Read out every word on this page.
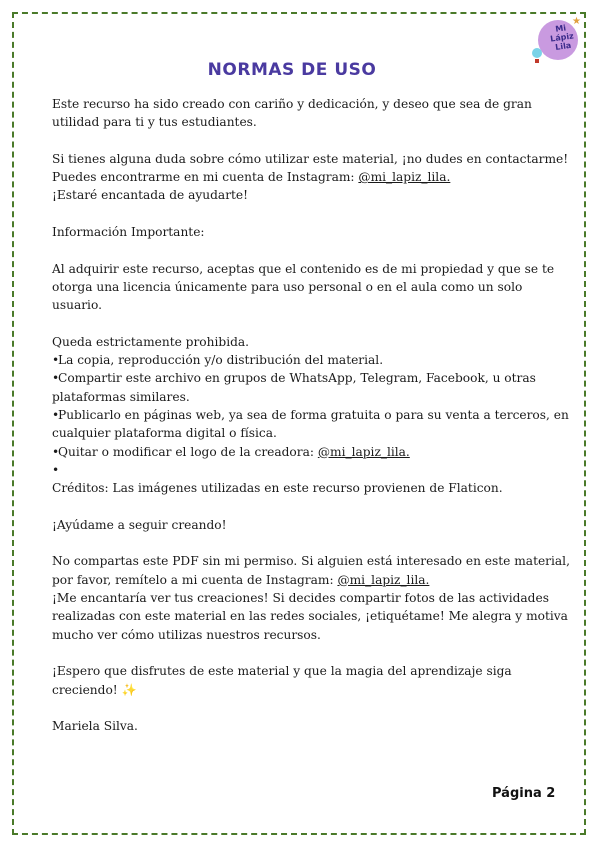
Mi
Lápiz
Lila
★
NORMAS DE USO

Este recurso ha sido creado con cariño y dedicación, y deseo que sea de gran utilidad para ti y tus estudiantes.

Si tienes alguna duda sobre cómo utilizar este material, ¡no dudes en contactarme!

Puedes encontrarme en mi cuenta de Instagram: @mi_lapiz_lila.

¡Estaré encantada de ayudarte!

Información Importante:

Al adquirir este recurso, aceptas que el contenido es de mi propiedad y que se te otorga una licencia únicamente para uso personal o en el aula como un solo usuario.

Queda estrictamente prohibida.

•La copia, reproducción y/o distribución del material.

•Compartir este archivo en grupos de WhatsApp, Telegram, Facebook, u otras plataformas similares.

•Publicarlo en páginas web, ya sea de forma gratuita o para su venta a terceros, en cualquier plataforma digital o física.

•Quitar o modificar el logo de la creadora: @mi_lapiz_lila.

•

Créditos: Las imágenes utilizadas en este recurso provienen de Flaticon.

¡Ayúdame a seguir creando!

No compartas este PDF sin mi permiso. Si alguien está interesado en este material, por favor, remítelo a mi cuenta de Instagram: @mi_lapiz_lila.

¡Me encantaría ver tus creaciones! Si decides compartir fotos de las actividades realizadas con este material en las redes sociales, ¡etiquétame! Me alegra y motiva mucho ver cómo utilizas nuestros recursos.

¡Espero que disfrutes de este material y que la magia del aprendizaje siga creciendo! ✨

Mariela Silva.

Página 2
